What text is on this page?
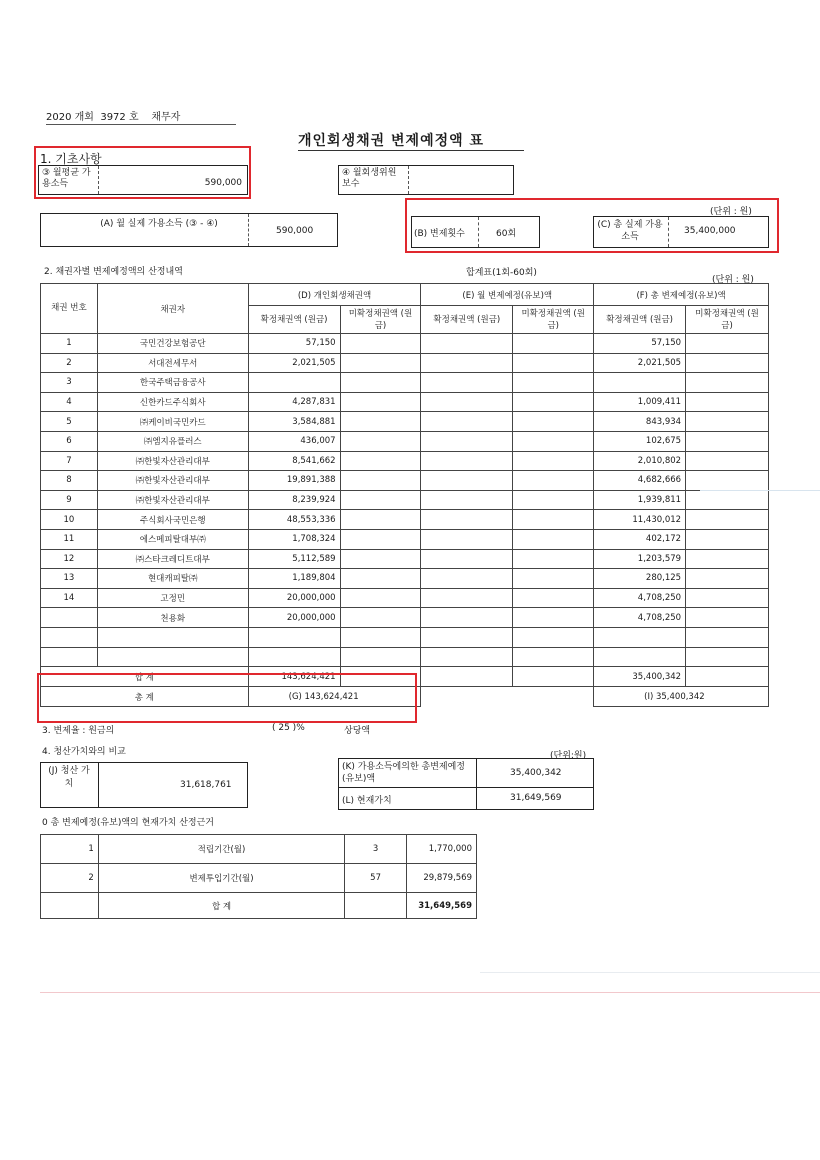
2020 개회 3972 호 채무자
개인회생채권 변제예정액 표
1. 기초사항
③ 월평균 가용소득	590,000
④ 월회생위원 보수
(단위 : 원)
(A) 월 실제 가용소득 (③ - ④)
590,000	(B) 변제횟수	60회
(C) 총 실제 가용소득
35,400,000
2. 채권자별 변제예정액의 산정내역	합계표(1회-60회)
(단위 : 원)
채권 번호	채권자	(D) 개인회생채권액		(E) 월 변제예정(유보)액		(F) 총 변제예정(유보)액	
		확정채권액 (원금)	미확정채권액 (원금)	확정채권액 (원금)	미확정채권액 (원금)	확정채권액 (원금)	미확정채권액 (원금)
1	국민건강보험공단	57,150				57,150	
2	서대전세무서	2,021,505				2,021,505	
3	한국주택금융공사						
4	신한카드주식회사	4,287,831				1,009,411	
5	㈜케이비국민카드	3,584,881				843,934	
6	㈜엠지유플러스	436,007				102,675	
7	㈜한빛자산관리대부	8,541,662				2,010,802	
8	㈜한빛자산관리대부	19,891,388				4,682,666	
9	㈜한빛자산관리대부	8,239,924				1,939,811	
10	주식회사국민은행	48,553,336				11,430,012	
11	에스메피탈대부㈜	1,708,324				402,172	
12	㈜스타크레디트대부	5,112,589				1,203,579	
13	현대캐피탈㈜	1,189,804				280,125	
14	고정민	20,000,000				4,708,250	
	천용화	20,000,000				4,708,250	

합 계		143,624,421				35,400,342	
총 계		(G) 143,624,421				(I) 35,400,342	
3. 변제율 : 원금의	( 25 )%	상당액
4. 청산가치와의 비교	(단위:원)
(J) 청산 가치	31,618,761
(K) 가용소득에의한 총변제예정(유보)액
35,400,342
(L) 현재가치	31,649,569
0 총 변제예정(유보)액의 현재가치 산정근거
1	적립기간(월)	3	1,770,000
2	변제투입기간(월)	57	29,879,569
	합 계		31,649,569
